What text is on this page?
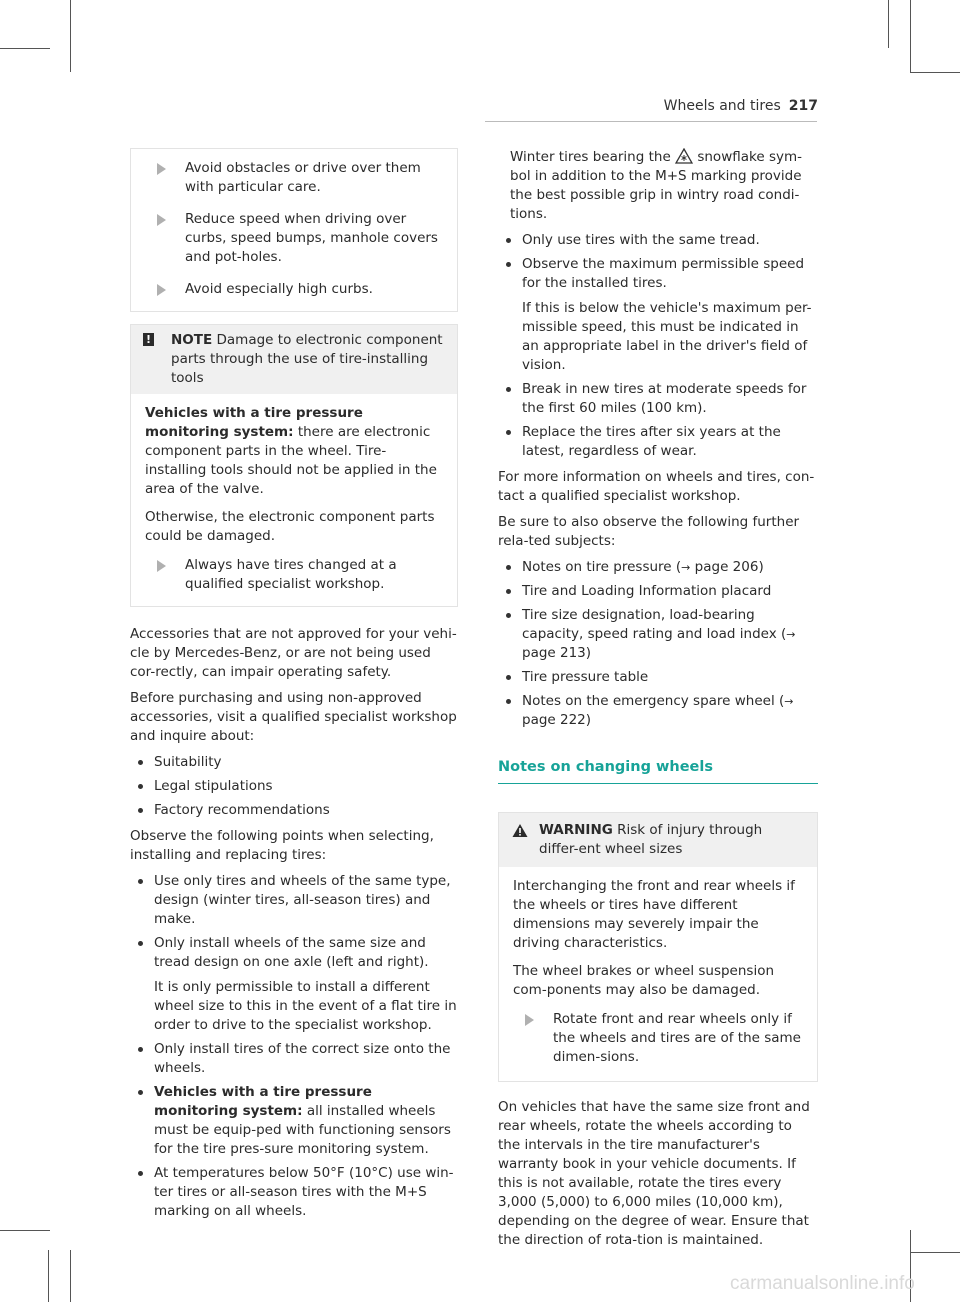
Wheels and tires 217
Avoid obstacles or drive over them with particular care.
Reduce speed when driving over curbs, speed bumps, manhole covers and pot-holes.
Avoid especially high curbs.
! NOTE Damage to electronic component parts through the use of tire-installing tools

Vehicles with a tire pressure monitoring system: there are electronic component parts in the wheel. Tire-installing tools should not be applied in the area of the valve.

Otherwise, the electronic component parts could be damaged.

Always have tires changed at a qualified specialist workshop.

Accessories that are not approved for your vehi-cle by Mercedes-Benz, or are not being used cor-rectly, can impair operating safety.

Before purchasing and using non-approved accessories, visit a qualified specialist workshop and inquire about:

Suitability
Legal stipulations
Factory recommendations

Observe the following points when selecting, installing and replacing tires:

Use only tires and wheels of the same type, design (winter tires, all-season tires) and make.
Only install wheels of the same size and tread design on one axle (left and right).
It is only permissible to install a different wheel size to this in the event of a flat tire in order to drive to the specialist workshop.
Only install tires of the correct size onto the wheels.
Vehicles with a tire pressure monitoring system: all installed wheels must be equip-ped with functioning sensors for the tire pres-sure monitoring system.
At temperatures below 50°F (10°C) use win-ter tires or all-season tires with the M+S marking on all wheels.
Winter tires bearing the snowflake sym-bol in addition to the M+S marking provide the best possible grip in wintry road condi-tions.
Only use tires with the same tread.
Observe the maximum permissible speed for the installed tires.
If this is below the vehicle's maximum per-missible speed, this must be indicated in an appropriate label in the driver's field of vision.
Break in new tires at moderate speeds for the first 60 miles (100 km).
Replace the tires after six years at the latest, regardless of wear.

For more information on wheels and tires, con-tact a qualified specialist workshop.

Be sure to also observe the following further rela-ted subjects:

Notes on tire pressure (→ page 206)
Tire and Loading Information placard
Tire size designation, load-bearing capacity, speed rating and load index (→ page 213)
Tire pressure table
Notes on the emergency spare wheel (→ page 222)
Notes on changing wheels
WARNING Risk of injury through differ-ent wheel sizes

Interchanging the front and rear wheels if the wheels or tires have different dimensions may severely impair the driving characteristics.

The wheel brakes or wheel suspension com-ponents may also be damaged.

Rotate front and rear wheels only if the wheels and tires are of the same dimen-sions.

On vehicles that have the same size front and rear wheels, rotate the wheels according to the intervals in the tire manufacturer's warranty book in your vehicle documents. If this is not available, rotate the tires every 3,000 (5,000) to 6,000 miles (10,000 km), depending on the degree of wear. Ensure that the direction of rota-tion is maintained.

carmanualsonline.info
